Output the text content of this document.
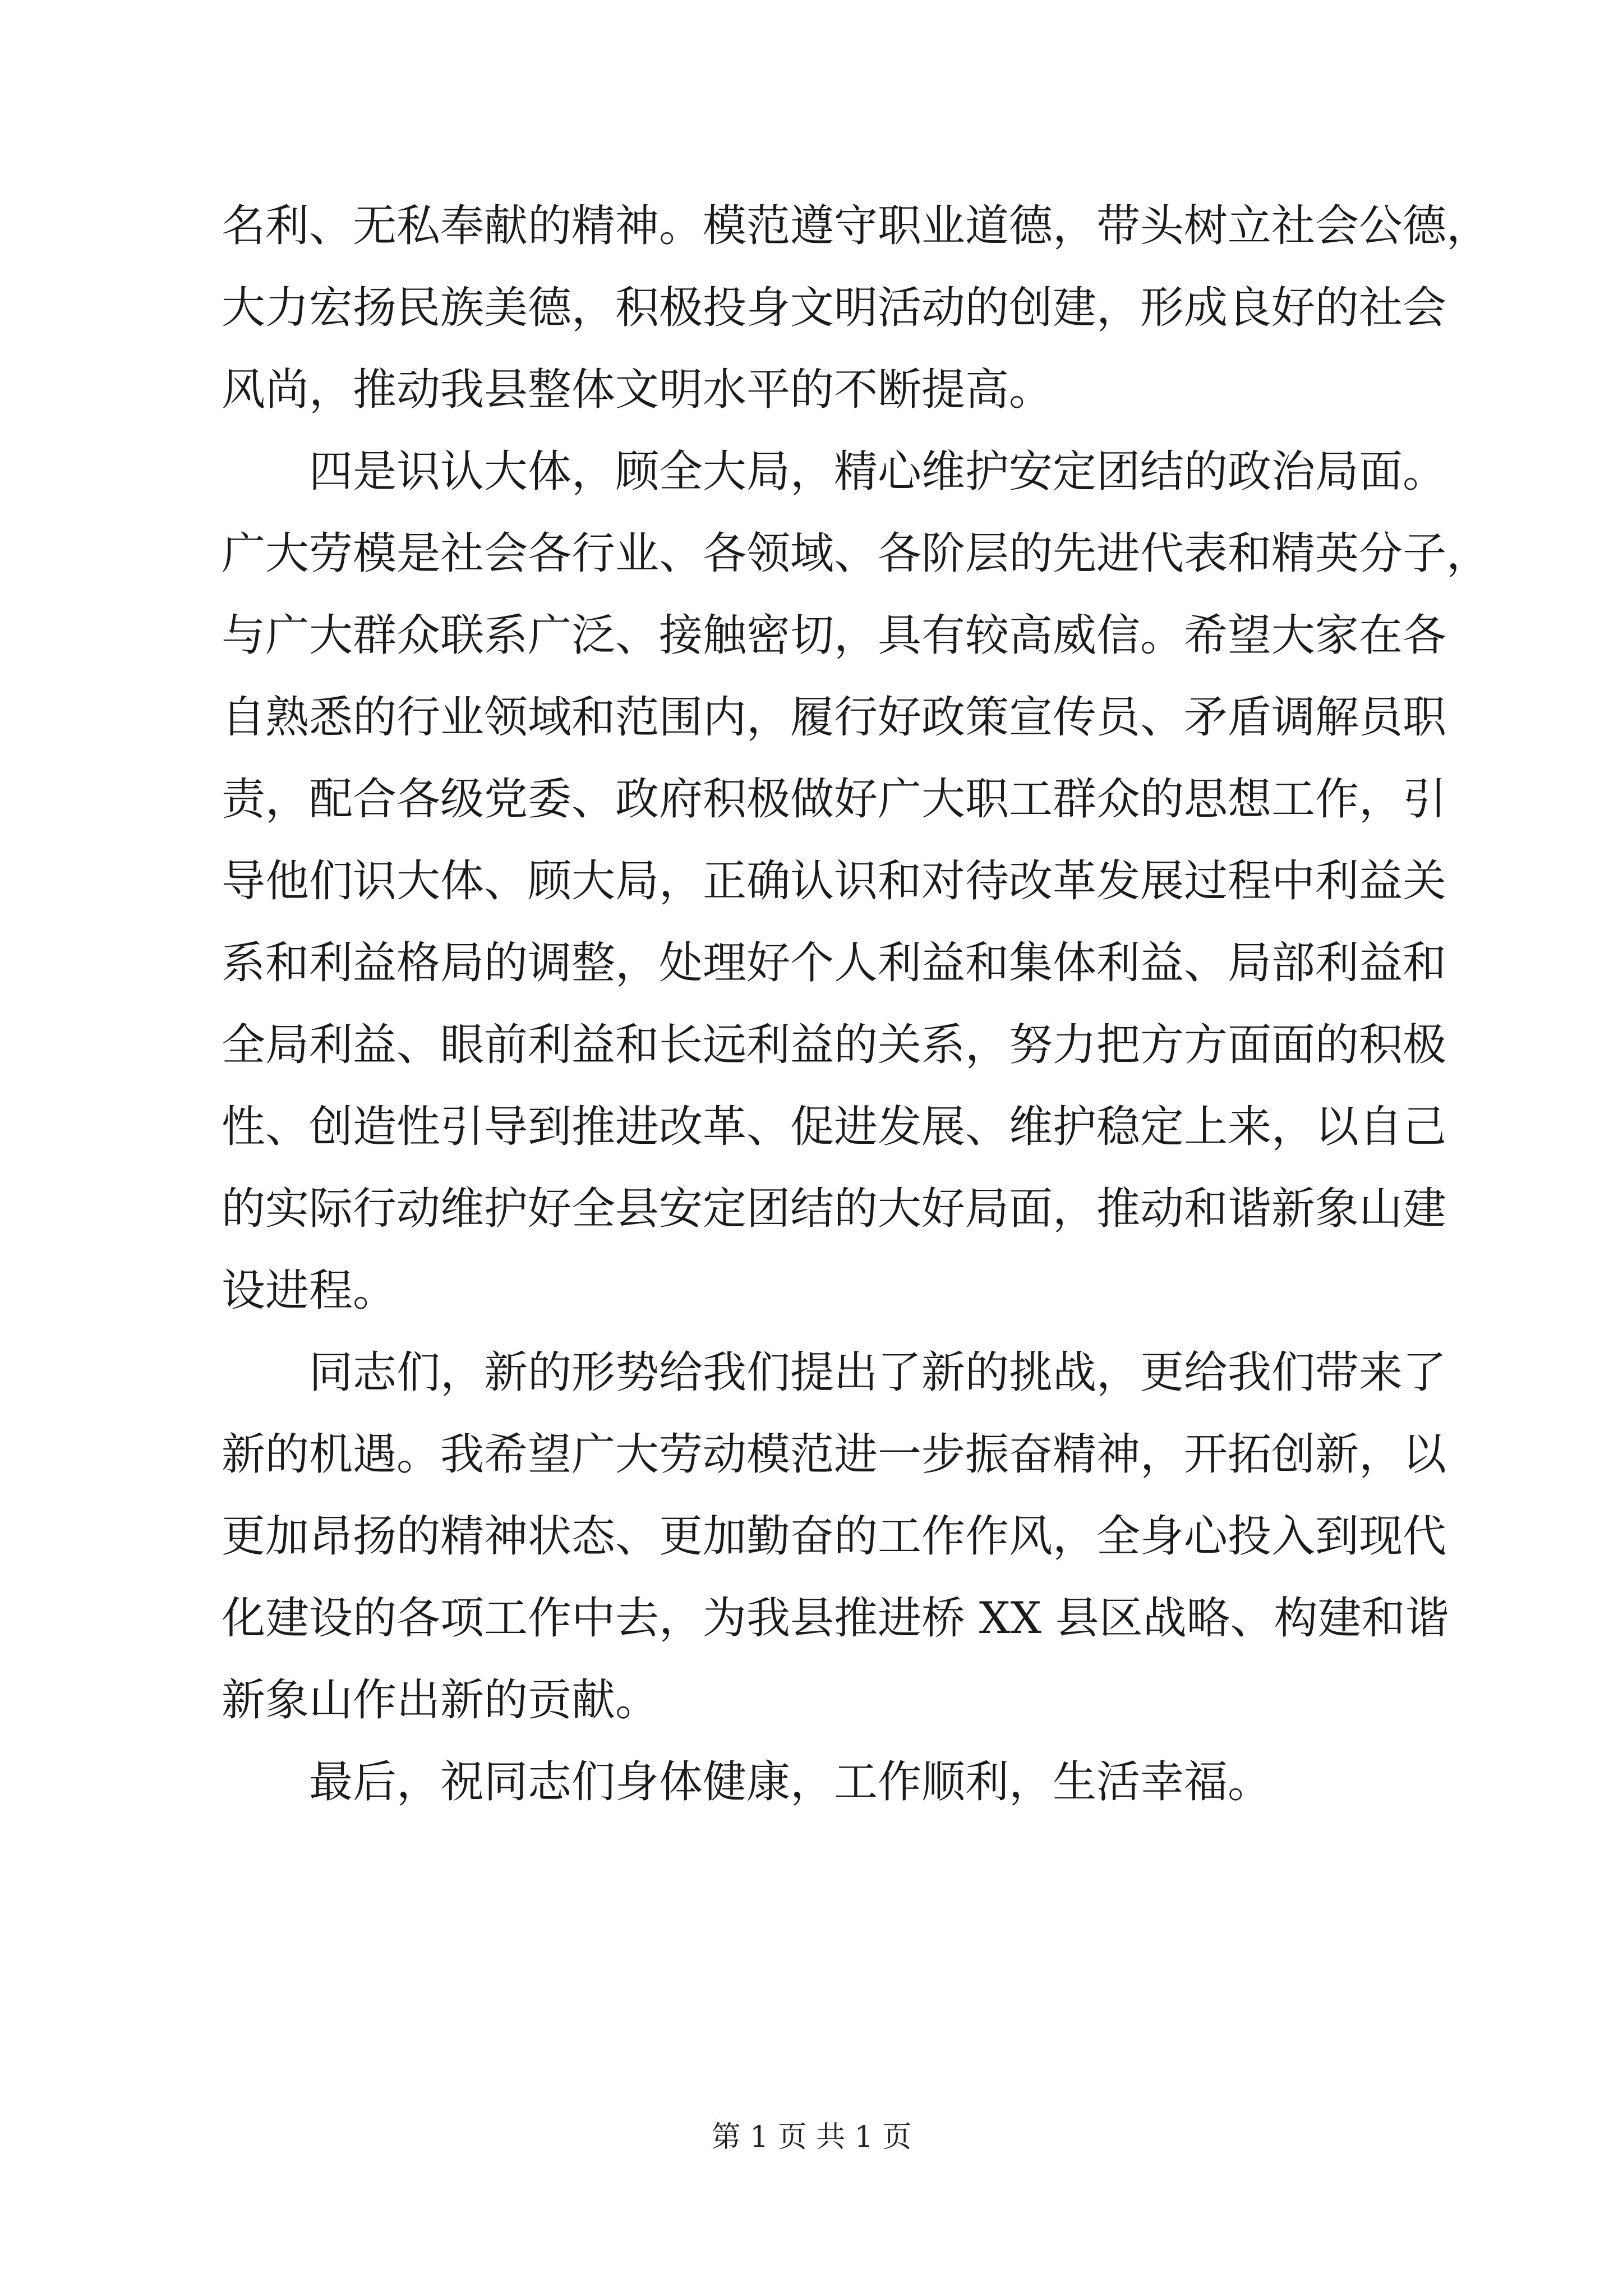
名利、无私奉献的精神。模范遵守职业道德，带头树立社会公德，
大力宏扬民族美德，积极投身文明活动的创建，形成良好的社会
风尚，推动我县整体文明水平的不断提高。
四是识认大体，顾全大局，精心维护安定团结的政治局面。
广大劳模是社会各行业、各领域、各阶层的先进代表和精英分子，
与广大群众联系广泛、接触密切，具有较高威信。希望大家在各
自熟悉的行业领域和范围内，履行好政策宣传员、矛盾调解员职
责，配合各级党委、政府积极做好广大职工群众的思想工作，引
导他们识大体、顾大局，正确认识和对待改革发展过程中利益关
系和利益格局的调整，处理好个人利益和集体利益、局部利益和
全局利益、眼前利益和长远利益的关系，努力把方方面面的积极
性、创造性引导到推进改革、促进发展、维护稳定上来，以自己
的实际行动维护好全县安定团结的大好局面，推动和谐新象山建
设进程。
同志们，新的形势给我们提出了新的挑战，更给我们带来了
新的机遇。我希望广大劳动模范进一步振奋精神，开拓创新，以
更加昂扬的精神状态、更加勤奋的工作作风，全身心投入到现代
化建设的各项工作中去，为我县推进桥 XX 县区战略、构建和谐
新象山作出新的贡献。
最后，祝同志们身体健康，工作顺利，生活幸福。
第 1 页 共 1 页
